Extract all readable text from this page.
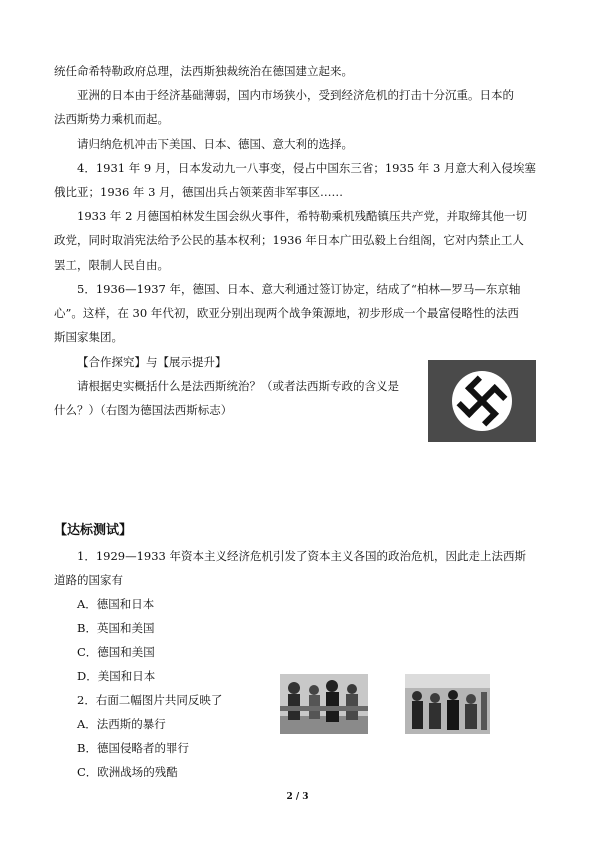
统任命希特勒政府总理，法西斯独裁统治在德国建立起来。
亚洲的日本由于经济基础薄弱，国内市场狭小，受到经济危机的打击十分沉重。日本的
法西斯势力乘机而起。
请归纳危机冲击下美国、日本、德国、意大利的选择。
4．1931 年 9 月，日本发动九一八事变，侵占中国东三省；1935 年 3 月意大利入侵埃塞
俄比亚；1936 年 3 月，德国出兵占领莱茵非军事区……
1933 年 2 月德国柏林发生国会纵火事件，希特勒乘机残酷镇压共产党，并取缔其他一切
政党，同时取消宪法给予公民的基本权利；1936 年日本广田弘毅上台组阁，它对内禁止工人
罢工，限制人民自由。
5．1936—1937 年，德国、日本、意大利通过签订协定，结成了“柏林—罗马—东京轴
心”。这样，在 30 年代初，欧亚分别出现两个战争策源地，初步形成一个最富侵略性的法西
斯国家集团。
【合作探究】与【展示提升】
请根据史实概括什么是法西斯统治？（或者法西斯专政的含义是
什么？）（右图为德国法西斯标志）
【达标测试】
1．1929—1933 年资本主义经济危机引发了资本主义各国的政治危机，因此走上法西斯
道路的国家有
A．德国和日本
B．英国和美国
C．德国和美国
D．美国和日本
2．右面二幅图片共同反映了
A．法西斯的暴行
B．德国侵略者的罪行
C．欧洲战场的残酷
2 / 3
